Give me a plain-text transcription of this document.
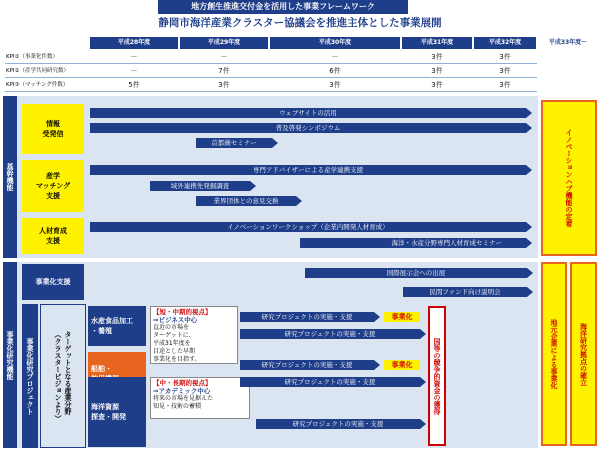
地方創生推進交付金を活用した事業フレームワーク
静岡市海洋産業クラスター協議会を推進主体とした事業展開
平成28年度	平成29年度	平成30年度	平成31年度	平成32年度	平成33年度～
KPI①（事業化件数）	－	－	－	3件	3件
KPI②（産学共同研究数）	－	7件	6件	3件	3件
KPI③（マッチング件数）	5件	3件	3件	3件	3件
基幹機能
事業化研究機能
情報
受発信
産学
マッチング
支援
人材育成
支援
事業化支援
事業化研究プロジェクト	ターゲットとなる産業分野
（クラスタービジョンより）
ウェブサイトの活用
普及啓発シンポジウム
首都圏セミナー
専門アドバイザーによる産学連携支援
域外連携先発掘調査
業界団体との意見交換
イノベーションワークショップ（企業内開発人材育成）
海洋・水産分野専門人材育成セミナー
国際展示会への出展
民間ファンド向け説明会
水産食品加工
・養殖
船舶・

海洋資源
探査・開発
【短・中期的視点】
⇒ビジネス中心
直近の市場を
ターゲットに、
平成31年度を
目途とした早期
事業化を目指す。
【中・長期的視点】
⇒アカデミック中心
将来の市場を見据えた
知見・技術の蓄積
研究プロジェクトの実施・支援	事業化
研究プロジェクトの実施・支援
研究プロジェクトの実施・支援	事業化
研究プロジェクトの実施・支援
研究プロジェクトの実施・支援
国等の競争的資金の獲得
イノベーションハブ機能の定着
地元企業による事業化	海洋研究拠点の確立
